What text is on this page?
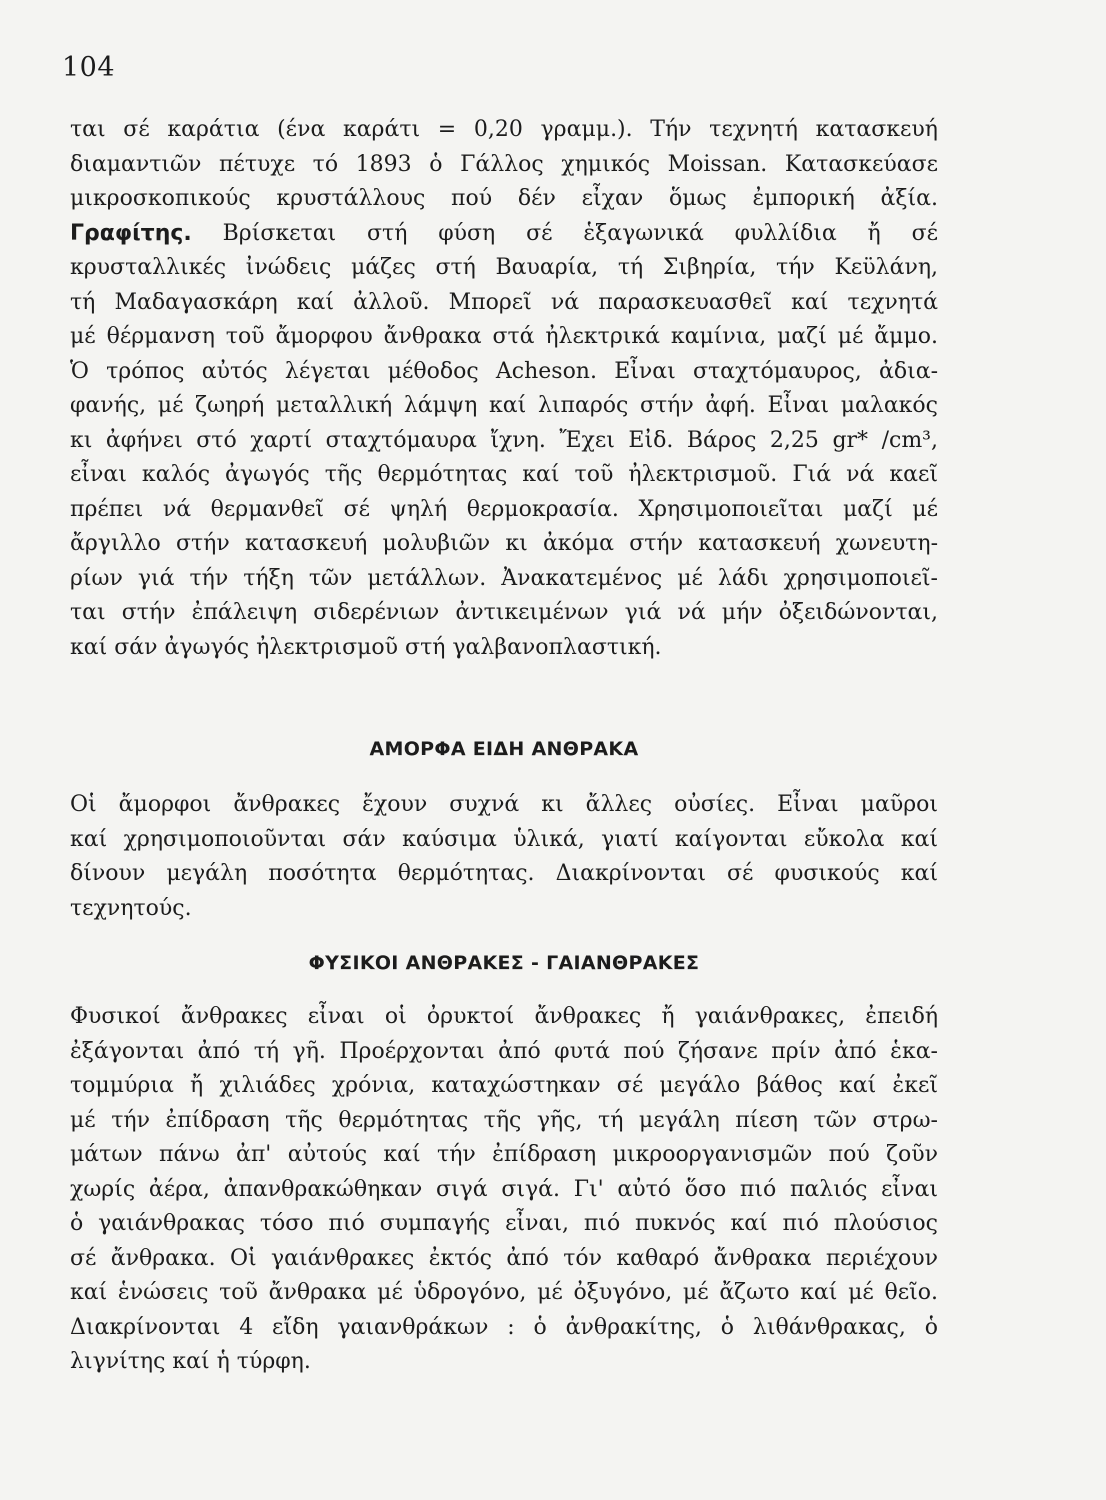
104
ται σέ καράτια (ένα καράτι = 0,20 γραμμ.). Τήν τεχνητή κατασκευή
διαμαντιῶν πέτυχε τό 1893 ὁ Γάλλος χημικός Moissan. Κατασκεύασε
μικροσκοπικούς κρυστάλλους πού δέν εἶχαν ὅμως ἐμπορική ἀξία.
Γραφίτης. Βρίσκεται στή φύση σέ ἑξαγωνικά φυλλίδια ἤ σέ
κρυσταλλικές ἰνώδεις μάζες στή Βαυαρία, τή Σιβηρία, τήν Κεϋλάνη,
τή Μαδαγασκάρη καί ἀλλοῦ. Μπορεῖ νά παρασκευασθεῖ καί τεχνητά
μέ θέρμανση τοῦ ἄμορφου ἄνθρακα στά ἠλεκτρικά καμίνια, μαζί μέ ἄμμο.
Ὁ τρόπος αὐτός λέγεται μέθοδος Acheson. Εἶναι σταχτόμαυρος, ἀδια-
φανής, μέ ζωηρή μεταλλική λάμψη καί λιπαρός στήν ἀφή. Εἶναι μαλακός
κι ἀφήνει στό χαρτί σταχτόμαυρα ἴχνη. Ἔχει Εἰδ. Βάρος 2,25 gr* /cm³,
εἶναι καλός ἀγωγός τῆς θερμότητας καί τοῦ ἠλεκτρισμοῦ. Γιά νά καεῖ
πρέπει νά θερμανθεῖ σέ ψηλή θερμοκρασία. Χρησιμοποιεῖται μαζί μέ
ἄργιλλο στήν κατασκευή μολυβιῶν κι ἀκόμα στήν κατασκευή χωνευτη-
ρίων γιά τήν τήξη τῶν μετάλλων. Ἀνακατεμένος μέ λάδι χρησιμοποιεῖ-
ται στήν ἐπάλειψη σιδερένιων ἀντικειμένων γιά νά μήν ὀξειδώνονται,
καί σάν ἀγωγός ἠλεκτρισμοῦ στή γαλβανοπλαστική.
ΑΜΟΡΦΑ ΕΙΔΗ ΑΝΘΡΑΚΑ
Οἱ ἄμορφοι ἄνθρακες ἔχουν συχνά κι ἄλλες οὐσίες. Εἶναι μαῦροι
καί χρησιμοποιοῦνται σάν καύσιμα ὑλικά, γιατί καίγονται εὔκολα καί
δίνουν μεγάλη ποσότητα θερμότητας. Διακρίνονται σέ φυσικούς καί
τεχνητούς.
ΦΥΣΙΚΟΙ ΑΝΘΡΑΚΕΣ - ΓΑΙΑΝΘΡΑΚΕΣ
Φυσικοί ἄνθρακες εἶναι οἱ ὀρυκτοί ἄνθρακες ἤ γαιάνθρακες, ἐπειδή
ἐξάγονται ἀπό τή γῆ. Προέρχονται ἀπό φυτά πού ζήσανε πρίν ἀπό ἑκα-
τομμύρια ἤ χιλιάδες χρόνια, καταχώστηκαν σέ μεγάλο βάθος καί ἐκεῖ
μέ τήν ἐπίδραση τῆς θερμότητας τῆς γῆς, τή μεγάλη πίεση τῶν στρω-
μάτων πάνω ἀπ' αὐτούς καί τήν ἐπίδραση μικροοργανισμῶν πού ζοῦν
χωρίς ἀέρα, ἀπανθρακώθηκαν σιγά σιγά. Γι' αὐτό ὅσο πιό παλιός εἶναι
ὁ γαιάνθρακας τόσο πιό συμπαγής εἶναι, πιό πυκνός καί πιό πλούσιος
σέ ἄνθρακα. Οἱ γαιάνθρακες ἐκτός ἀπό τόν καθαρό ἄνθρακα περιέχουν
καί ἑνώσεις τοῦ ἄνθρακα μέ ὑδρογόνο, μέ ὀξυγόνο, μέ ἄζωτο καί μέ θεῖο.
Διακρίνονται 4 εἴδη γαιανθράκων : ὁ ἀνθρακίτης, ὁ λιθάνθρακας, ὁ
λιγνίτης καί ἡ τύρφη.
